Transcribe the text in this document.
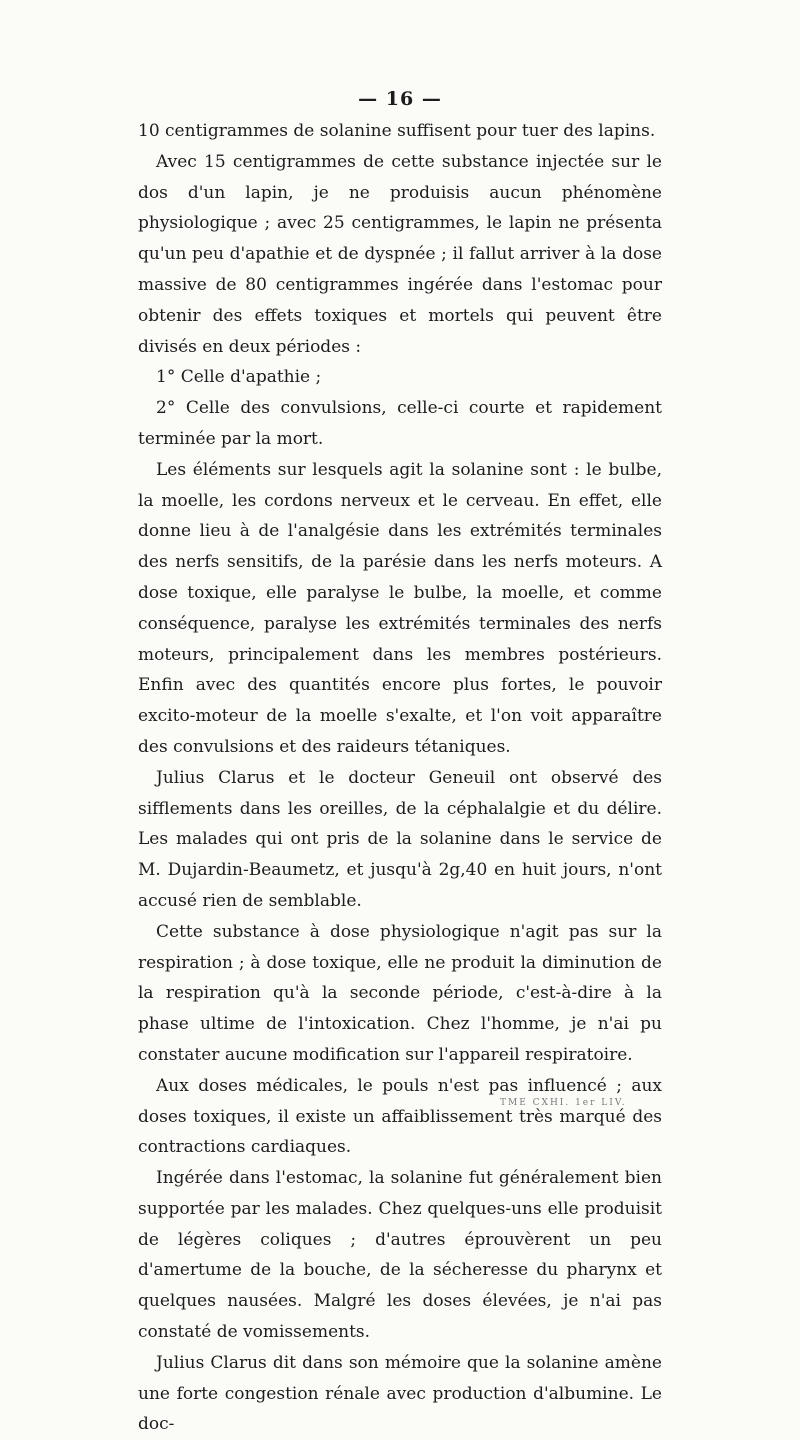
— 16 —

10 centigrammes de solanine suffisent pour tuer des lapins.

Avec 15 centigrammes de cette substance injectée sur le dos d'un lapin, je ne produisis aucun phénomène physiologique ; avec 25 centigrammes, le lapin ne présenta qu'un peu d'apathie et de dyspnée ; il fallut arriver à la dose massive de 80 centigrammes ingérée dans l'estomac pour obtenir des effets toxiques et mortels qui peuvent être divisés en deux périodes :

1° Celle d'apathie ;

2° Celle des convulsions, celle-ci courte et rapidement terminée par la mort.

Les éléments sur lesquels agit la solanine sont : le bulbe, la moelle, les cordons nerveux et le cerveau. En effet, elle donne lieu à de l'analgésie dans les extrémités terminales des nerfs sensitifs, de la parésie dans les nerfs moteurs. A dose toxique, elle paralyse le bulbe, la moelle, et comme conséquence, paralyse les extrémités terminales des nerfs moteurs, principalement dans les membres postérieurs. Enfin avec des quantités encore plus fortes, le pouvoir excito-moteur de la moelle s'exalte, et l'on voit apparaître des convulsions et des raideurs tétaniques.

Julius Clarus et le docteur Geneuil ont observé des sifflements dans les oreilles, de la céphalalgie et du délire. Les malades qui ont pris de la solanine dans le service de M. Dujardin-Beaumetz, et jusqu'à 2g,40 en huit jours, n'ont accusé rien de semblable.

Cette substance à dose physiologique n'agit pas sur la respiration ; à dose toxique, elle ne produit la diminution de la respiration qu'à la seconde période, c'est-à-dire à la phase ultime de l'intoxication. Chez l'homme, je n'ai pu constater aucune modification sur l'appareil respiratoire.

Aux doses médicales, le pouls n'est pas influencé ; aux doses toxiques, il existe un affaiblissement très marqué des contractions cardiaques.

Ingérée dans l'estomac, la solanine fut généralement bien supportée par les malades. Chez quelques-uns elle produisit de légères coliques ; d'autres éprouvèrent un peu d'amertume de la bouche, de la sécheresse du pharynx et quelques nausées. Malgré les doses élevées, je n'ai pas constaté de vomissements.

Julius Clarus dit dans son mémoire que la solanine amène une forte congestion rénale avec production d'albumine. Le doc-

TME CXHI. 1er LIV.
